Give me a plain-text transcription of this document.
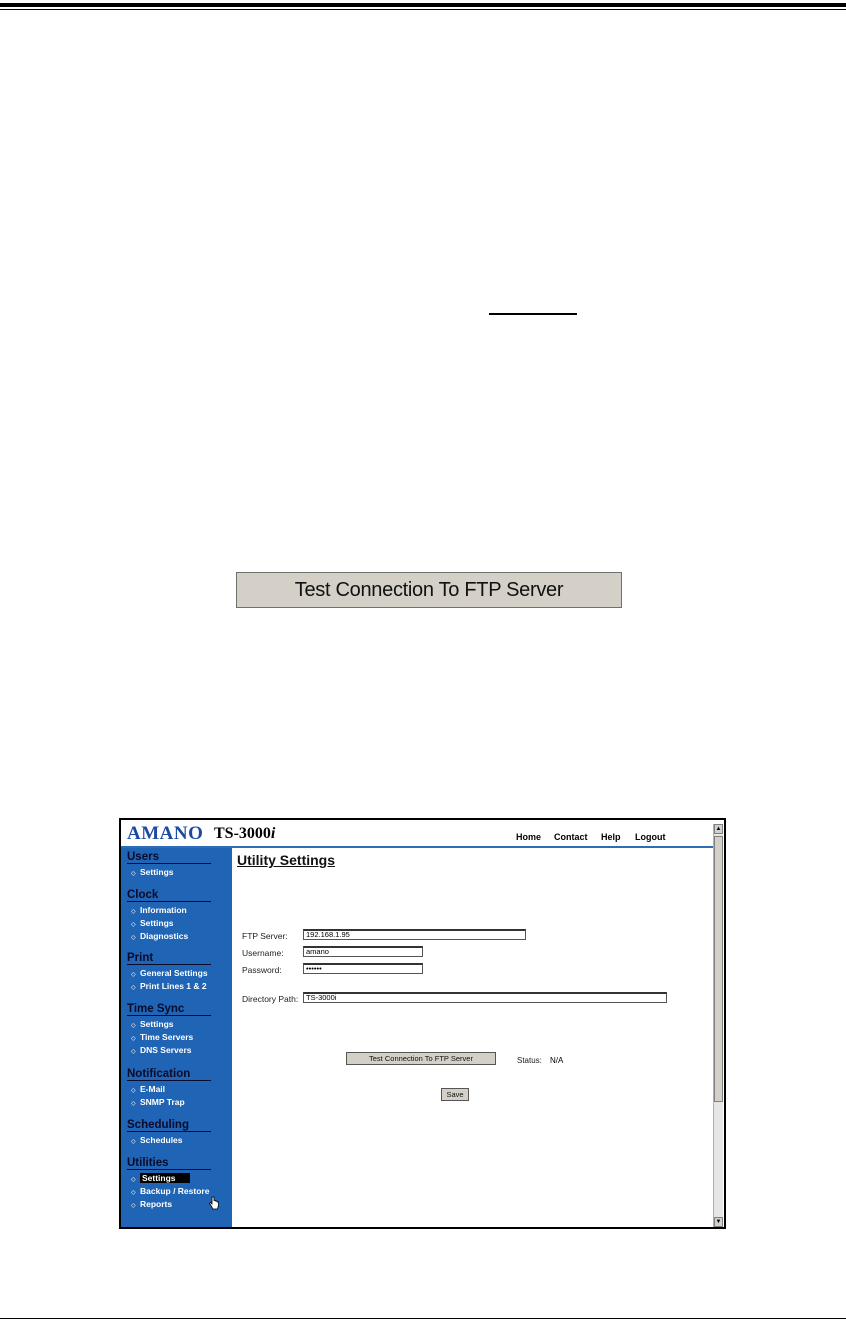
Test Connection To FTP Server
AMANO TS-3000i	Home Contact Help Logout
Users
◇ Settings
Clock
◇ Information
◇ Settings
◇ Diagnostics
Print
◇ General Settings
◇ Print Lines 1 & 2
Time Sync
◇ Settings
◇ Time Servers
◇ DNS Servers
Notification
◇ E-Mail
◇ SNMP Trap
Scheduling
◇ Schedules
Utilities
◇ Settings
◇ Backup / Restore
◇ Reports
Utility Settings
FTP Server:	192.168.1.95
Username:	amano
Password:	••••••
Directory Path:	TS-3000i
Test Connection To FTP Server	Status: N/A
Save
▲
▼
